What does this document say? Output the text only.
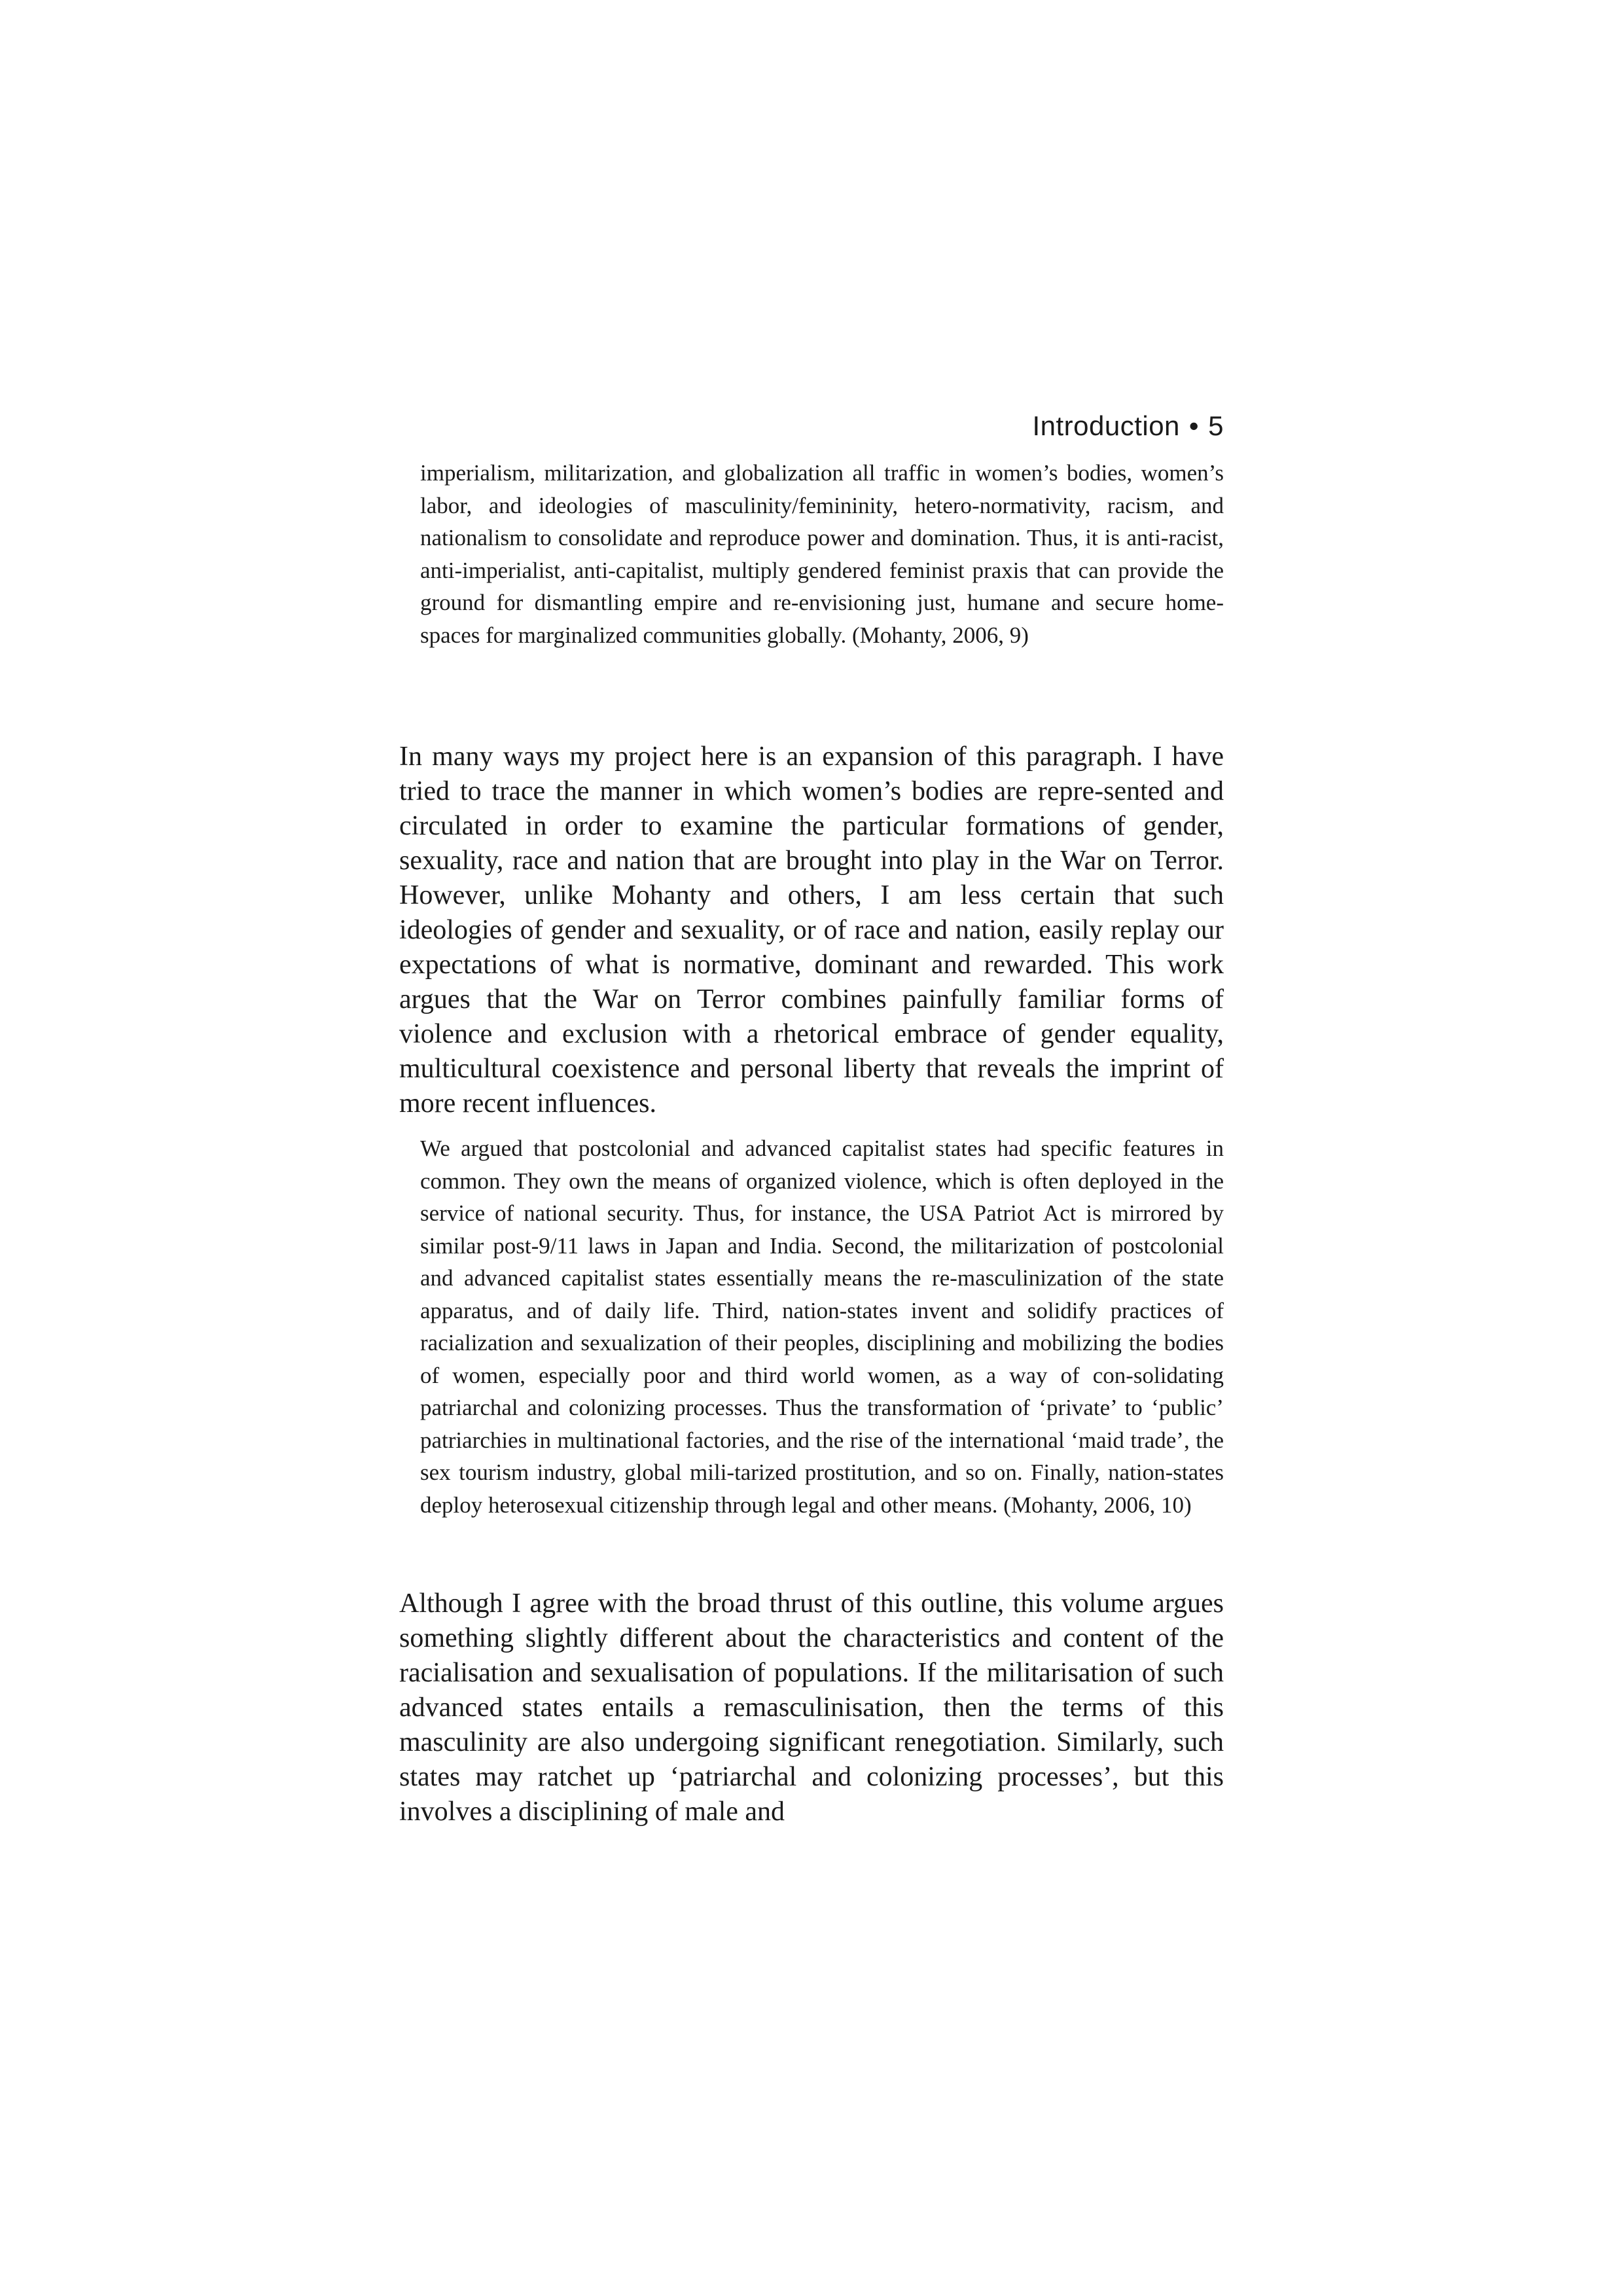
Introduction • 5
imperialism, militarization, and globalization all traffic in women’s bodies, women’s labor, and ideologies of masculinity/femininity, hetero-normativity, racism, and nationalism to consolidate and reproduce power and domination. Thus, it is anti-racist, anti-imperialist, anti-capitalist, multiply gendered feminist praxis that can provide the ground for dismantling empire and re-envisioning just, humane and secure home-spaces for marginalized communities globally. (Mohanty, 2006, 9)
In many ways my project here is an expansion of this paragraph. I have tried to trace the manner in which women’s bodies are repre-sented and circulated in order to examine the particular formations of gender, sexuality, race and nation that are brought into play in the War on Terror. However, unlike Mohanty and others, I am less certain that such ideologies of gender and sexuality, or of race and nation, easily replay our expectations of what is normative, dominant and rewarded. This work argues that the War on Terror combines painfully familiar forms of violence and exclusion with a rhetorical embrace of gender equality, multicultural coexistence and personal liberty that reveals the imprint of more recent influences.
We argued that postcolonial and advanced capitalist states had specific features in common. They own the means of organized violence, which is often deployed in the service of national security. Thus, for instance, the USA Patriot Act is mirrored by similar post-9/11 laws in Japan and India. Second, the militarization of postcolonial and advanced capitalist states essentially means the re-masculinization of the state apparatus, and of daily life. Third, nation-states invent and solidify practices of racialization and sexualization of their peoples, disciplining and mobilizing the bodies of women, especially poor and third world women, as a way of con-solidating patriarchal and colonizing processes. Thus the transformation of ‘private’ to ‘public’ patriarchies in multinational factories, and the rise of the international ‘maid trade’, the sex tourism industry, global mili-tarized prostitution, and so on. Finally, nation-states deploy heterosexual citizenship through legal and other means. (Mohanty, 2006, 10)
Although I agree with the broad thrust of this outline, this volume argues something slightly different about the characteristics and content of the racialisation and sexualisation of populations. If the militarisation of such advanced states entails a remasculinisation, then the terms of this masculinity are also undergoing significant renegotiation. Similarly, such states may ratchet up ‘patriarchal and colonizing processes’, but this involves a disciplining of male and
